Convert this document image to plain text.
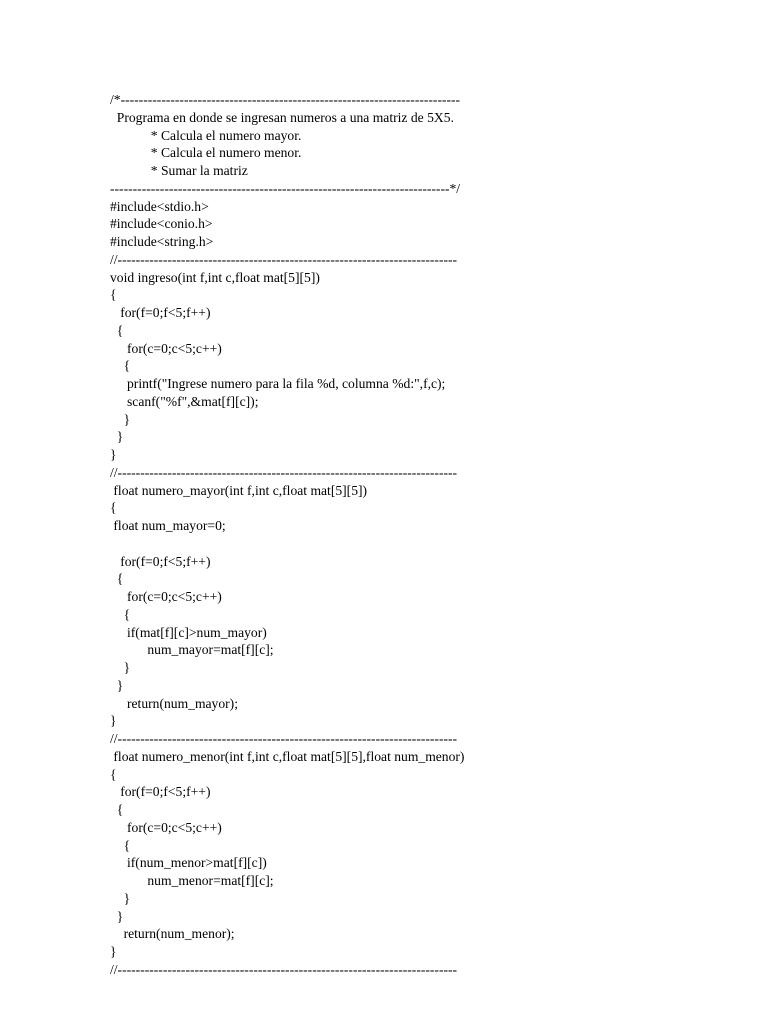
/*---------------------------------------------------------------------------
Programa en donde se ingresan numeros a una matriz de 5X5.
* Calcula el numero mayor.
* Calcula el numero menor.
* Sumar la matriz
---------------------------------------------------------------------------*/
#include<stdio.h>
#include<conio.h>
#include<string.h>
//---------------------------------------------------------------------------
void ingreso(int f,int c,float mat[5][5])
{
for(f=0;f<5;f++)
{
for(c=0;c<5;c++)
{
printf("Ingrese numero para la fila %d, columna %d:",f,c);
scanf("%f",&mat[f][c]);
}
}
}
//---------------------------------------------------------------------------
float numero_mayor(int f,int c,float mat[5][5])
{
float num_mayor=0;
for(f=0;f<5;f++)
{
for(c=0;c<5;c++)
{
if(mat[f][c]>num_mayor)
num_mayor=mat[f][c];
}
}
return(num_mayor);
}
//---------------------------------------------------------------------------
float numero_menor(int f,int c,float mat[5][5],float num_menor)
{
for(f=0;f<5;f++)
{
for(c=0;c<5;c++)
{
if(num_menor>mat[f][c])
num_menor=mat[f][c];
}
}
return(num_menor);
}
//---------------------------------------------------------------------------
